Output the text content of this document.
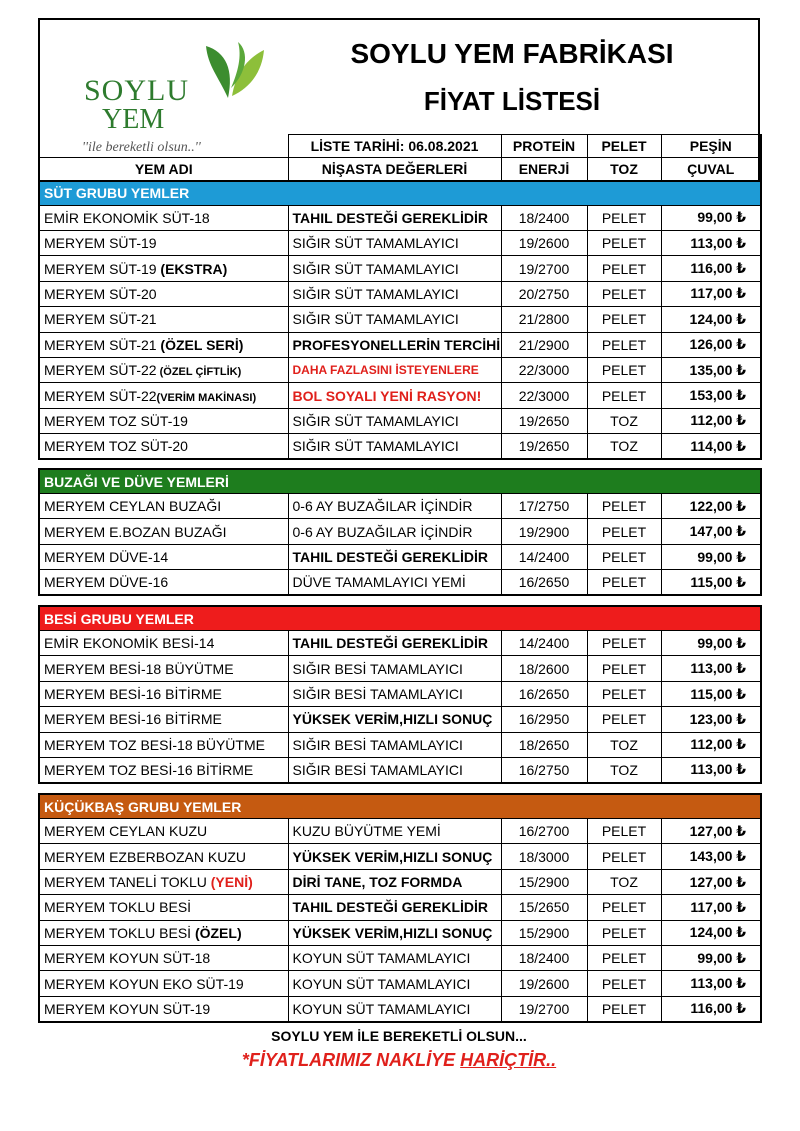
SOYLU
YEM
''ile bereketli olsun..''
SOYLU YEM FABRİKASI
FİYAT LİSTESİ
	LİSTE TARİHİ: 06.08.2021	PROTEİN	PELET	PEŞİN
YEM ADI	NİŞASTA DEĞERLERİ	ENERJİ	TOZ	ÇUVAL
SÜT GRUBU YEMLER				
EMİR EKONOMİK SÜT-18	TAHIL DESTEĞİ GEREKLİDİR	18/2400	PELET	99,00 ₺
MERYEM SÜT-19	SIĞIR SÜT TAMAMLAYICI	19/2600	PELET	113,00 ₺
MERYEM SÜT-19 (EKSTRA)	SIĞIR SÜT TAMAMLAYICI	19/2700	PELET	116,00 ₺
MERYEM SÜT-20	SIĞIR SÜT TAMAMLAYICI	20/2750	PELET	117,00 ₺
MERYEM SÜT-21	SIĞIR SÜT TAMAMLAYICI	21/2800	PELET	124,00 ₺
MERYEM SÜT-21 (ÖZEL SERİ)	PROFESYONELLERİN TERCİHİ	21/2900	PELET	126,00 ₺
MERYEM SÜT-22 (ÖZEL ÇİFTLİK)	DAHA FAZLASINI İSTEYENLERE	22/3000	PELET	135,00 ₺
MERYEM SÜT-22(VERİM MAKİNASI)	BOL SOYALI YENİ RASYON!	22/3000	PELET	153,00 ₺
MERYEM TOZ SÜT-19	SIĞIR SÜT TAMAMLAYICI	19/2650	TOZ	112,00 ₺
MERYEM TOZ SÜT-20	SIĞIR SÜT TAMAMLAYICI	19/2650	TOZ	114,00 ₺
BUZAĞI VE DÜVE YEMLERİ				
MERYEM CEYLAN BUZAĞI	0-6 AY BUZAĞILAR İÇİNDİR	17/2750	PELET	122,00 ₺
MERYEM E.BOZAN BUZAĞI	0-6 AY BUZAĞILAR İÇİNDİR	19/2900	PELET	147,00 ₺
MERYEM DÜVE-14	TAHIL DESTEĞİ GEREKLİDİR	14/2400	PELET	99,00 ₺
MERYEM DÜVE-16	DÜVE TAMAMLAYICI YEMİ	16/2650	PELET	115,00 ₺
BESİ GRUBU YEMLER				
EMİR EKONOMİK BESİ-14	TAHIL DESTEĞİ GEREKLİDİR	14/2400	PELET	99,00 ₺
MERYEM BESİ-18 BÜYÜTME	SIĞIR BESİ TAMAMLAYICI	18/2600	PELET	113,00 ₺
MERYEM BESİ-16 BİTİRME	SIĞIR BESİ TAMAMLAYICI	16/2650	PELET	115,00 ₺
MERYEM BESİ-16 BİTİRME	YÜKSEK VERİM,HIZLI SONUÇ	16/2950	PELET	123,00 ₺
MERYEM TOZ BESİ-18 BÜYÜTME	SIĞIR BESİ TAMAMLAYICI	18/2650	TOZ	112,00 ₺
MERYEM TOZ BESİ-16 BİTİRME	SIĞIR BESİ TAMAMLAYICI	16/2750	TOZ	113,00 ₺
KÜÇÜKBAŞ GRUBU YEMLER				
MERYEM CEYLAN KUZU	KUZU BÜYÜTME YEMİ	16/2700	PELET	127,00 ₺
MERYEM EZBERBOZAN KUZU	YÜKSEK VERİM,HIZLI SONUÇ	18/3000	PELET	143,00 ₺
MERYEM TANELİ TOKLU (YENİ)	DİRİ TANE, TOZ FORMDA	15/2900	TOZ	127,00 ₺
MERYEM TOKLU BESİ	TAHIL DESTEĞİ GEREKLİDİR	15/2650	PELET	117,00 ₺
MERYEM TOKLU BESİ (ÖZEL)	YÜKSEK VERİM,HIZLI SONUÇ	15/2900	PELET	124,00 ₺
MERYEM KOYUN SÜT-18	KOYUN SÜT TAMAMLAYICI	18/2400	PELET	99,00 ₺
MERYEM KOYUN EKO SÜT-19	KOYUN SÜT TAMAMLAYICI	19/2600	PELET	113,00 ₺
MERYEM KOYUN SÜT-19	KOYUN SÜT TAMAMLAYICI	19/2700	PELET	116,00 ₺
SOYLU YEM İLE BEREKETLİ OLSUN...
*FİYATLARIMIZ NAKLİYE HARİÇTİR..
